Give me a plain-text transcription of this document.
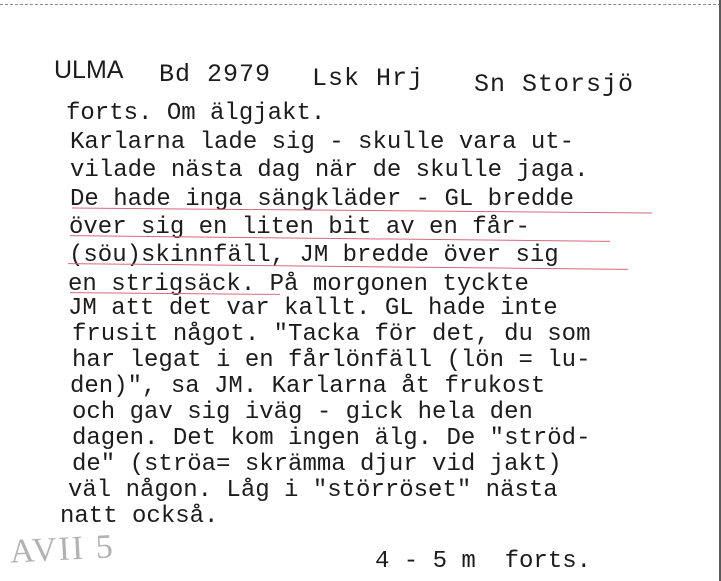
ULMA Bd 2979 Lsk Hrj Sn Storsjö
forts. Om älgjakt.
Karlarna lade sig - skulle vara ut-
vilade nästa dag när de skulle jaga.
De hade inga sängkläder - GL bredde
över sig en liten bit av en får-
(söu)skinnfäll, JM bredde över sig
en strigsäck. På morgonen tyckte
JM att det var kallt. GL hade inte
frusit något. "Tacka för det, du som
har legat i en fårlönfäll (lön = lu-
den)", sa JM. Karlarna åt frukost
och gav sig iväg - gick hela den
dagen. Det kom ingen älg. De "ströd-
de" (ströa= skrämma djur vid jakt)
väl någon. Låg i "störröset" nästa
natt också.
AVII 5	4 - 5 m  forts.
